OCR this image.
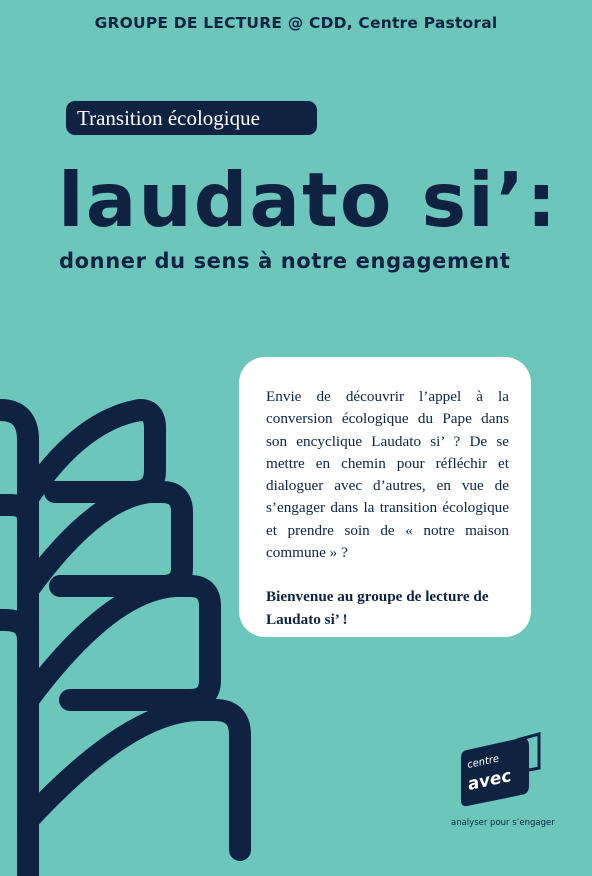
GROUPE DE LECTURE @ CDD, Centre Pastoral
Transition écologique
laudato si’:
donner du sens à notre engagement

Envie de découvrir l’appel à la conversion écologique du Pape dans son encyclique Laudato si’ ? De se mettre en chemin pour réfléchir et dialoguer avec d’autres, en vue de s’engager dans la transition écologique et prendre soin de « notre maison commune » ?

Bienvenue au groupe de lecture de Laudato si’ !

centre
avec
analyser pour s’engager
